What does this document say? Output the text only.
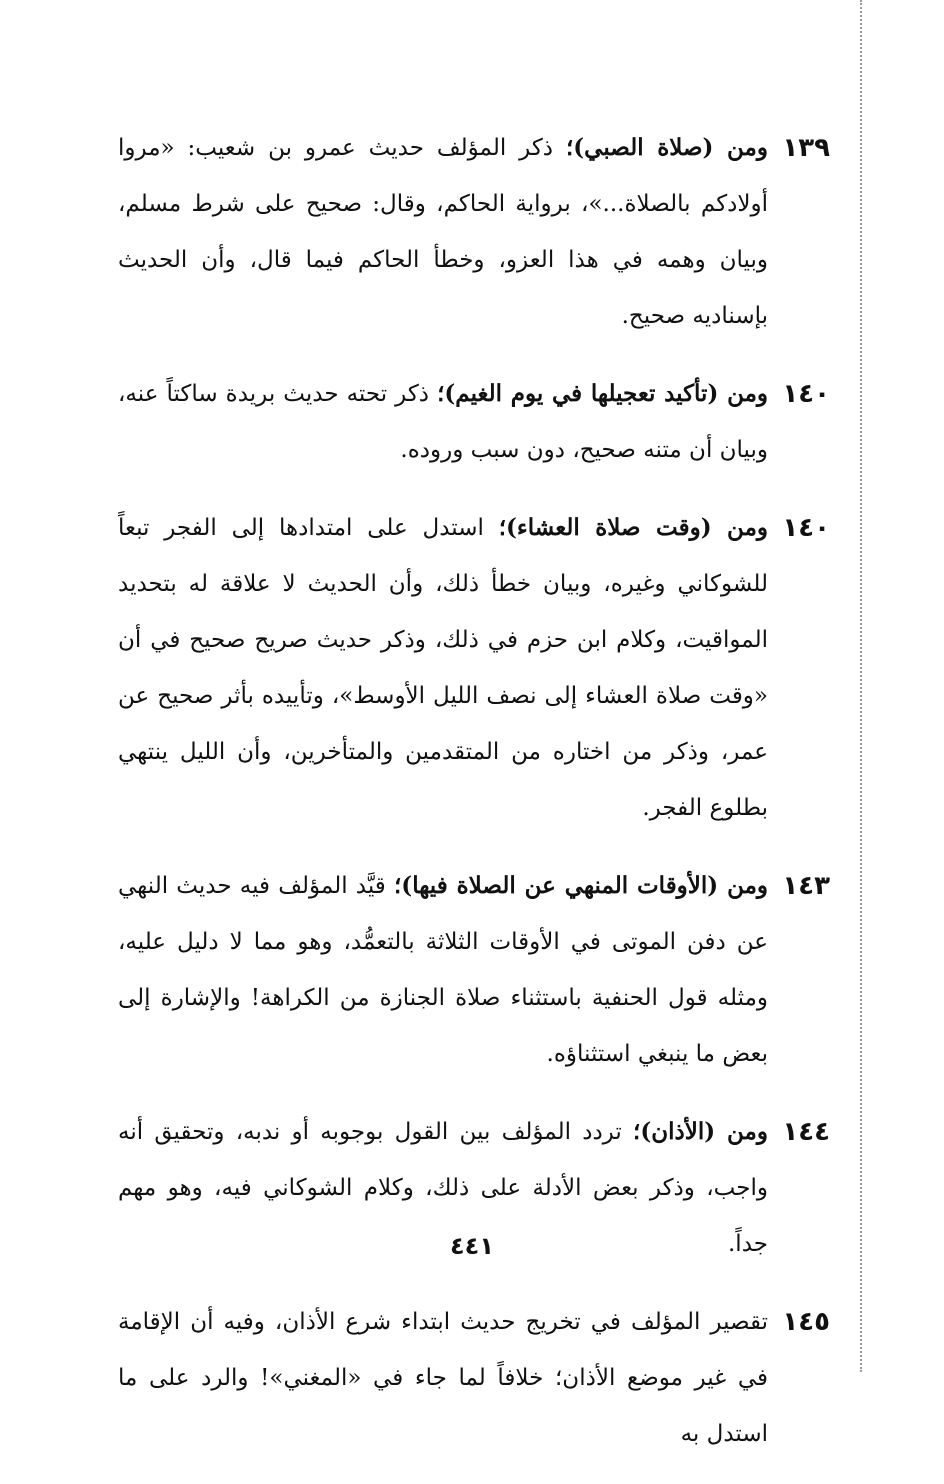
١٣٩

ومن (صلاة الصبي)؛ ذكر المؤلف حديث عمرو بن شعيب: «مروا أولادكم بالصلاة...»، برواية الحاكم، وقال: صحيح على شرط مسلم، وبيان وهمه في هذا العزو، وخطأ الحاكم فيما قال، وأن الحديث بإسناديه صحيح.

١٤٠

ومن (تأكيد تعجيلها في يوم الغيم)؛ ذكر تحته حديث بريدة ساكتاً عنه، وبيان أن متنه صحيح، دون سبب وروده.

١٤٠

ومن (وقت صلاة العشاء)؛ استدل على امتدادها إلى الفجر تبعاً للشوكاني وغيره، وبيان خطأ ذلك، وأن الحديث لا علاقة له بتحديد المواقيت، وكلام ابن حزم في ذلك، وذكر حديث صريح صحيح في أن «وقت صلاة العشاء إلى نصف الليل الأوسط»، وتأييده بأثر صحيح عن عمر، وذكر من اختاره من المتقدمين والمتأخرين، وأن الليل ينتهي بطلوع الفجر.

١٤٣

ومن (الأوقات المنهي عن الصلاة فيها)؛ قيَّد المؤلف فيه حديث النهي عن دفن الموتى في الأوقات الثلاثة بالتعمُّد، وهو مما لا دليل عليه، ومثله قول الحنفية باستثناء صلاة الجنازة من الكراهة! والإشارة إلى بعض ما ينبغي استثناؤه.

١٤٤

ومن (الأذان)؛ تردد المؤلف بين القول بوجوبه أو ندبه، وتحقيق أنه واجب، وذكر بعض الأدلة على ذلك، وكلام الشوكاني فيه، وهو مهم جداً.

١٤٥

تقصير المؤلف في تخريج حديث ابتداء شرع الأذان، وفيه أن الإقامة في غير موضع الأذان؛ خلافاً لما جاء في «المغني»! والرد على ما استدل به

٤٤١
